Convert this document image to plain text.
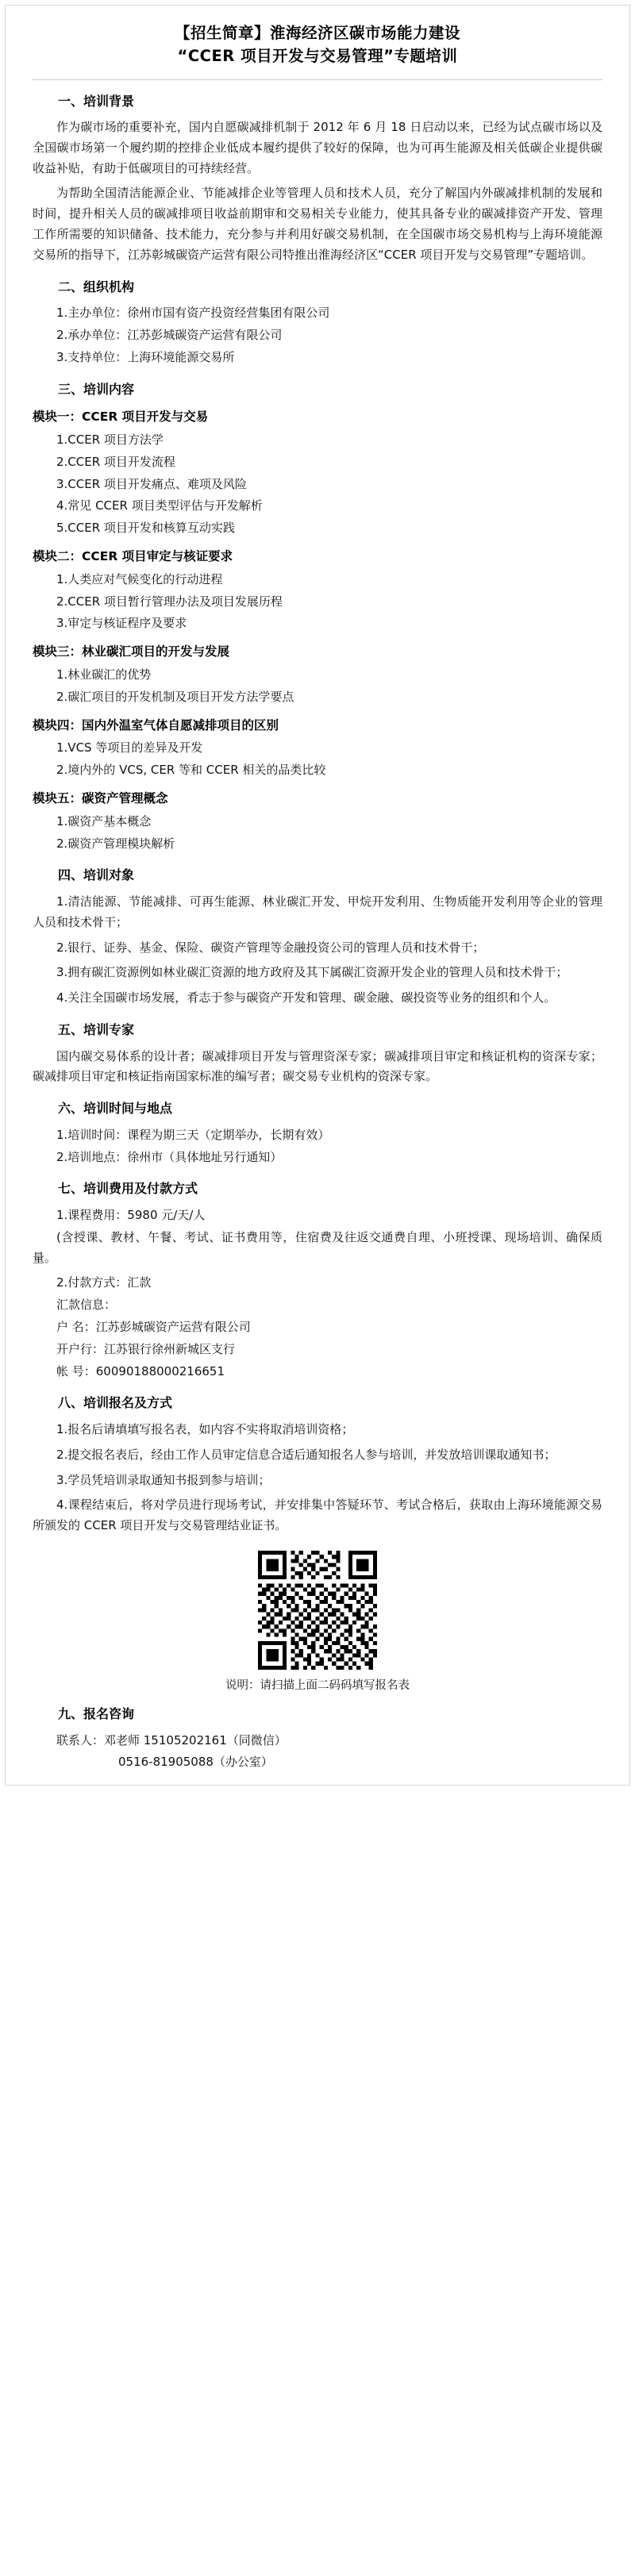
【招生简章】淮海经济区碳市场能力建设
“CCER 项目开发与交易管理”专题培训
一、培训背景

作为碳市场的重要补充，国内自愿碳减排机制于 2012 年 6 月 18 日启动以来，已经为试点碳市场以及全国碳市场第一个履约期的控排企业低成本履约提供了较好的保障，也为可再生能源及相关低碳企业提供碳收益补贴，有助于低碳项目的可持续经营。

为帮助全国清洁能源企业、节能减排企业等管理人员和技术人员，充分了解国内外碳减排机制的发展和时间，提升相关人员的碳减排项目收益前期审和交易相关专业能力，使其具备专业的碳减排资产开发、管理工作所需要的知识储备、技术能力，充分参与并利用好碳交易机制，在全国碳市场交易机构与上海环境能源交易所的指导下，江苏彰城碳资产运营有限公司特推出淮海经济区“CCER 项目开发与交易管理”专题培训。

二、组织机构

1.主办单位：徐州市国有资产投资经营集团有限公司

2.承办单位：江苏彭城碳资产运营有限公司

3.支持单位：上海环境能源交易所

三、培训内容
模块一：CCER 项目开发与交易

1.CCER 项目方法学

2.CCER 项目开发流程

3.CCER 项目开发痛点、难项及风险

4.常见 CCER 项目类型评估与开发解析

5.CCER 项目开发和核算互动实践

模块二：CCER 项目审定与核证要求

1.人类应对气候变化的行动进程

2.CCER 项目暂行管理办法及项目发展历程

3.审定与核证程序及要求

模块三：林业碳汇项目的开发与发展

1.林业碳汇的优势

2.碳汇项目的开发机制及项目开发方法学要点

模块四：国内外温室气体自愿减排项目的区别

1.VCS 等项目的差异及开发

2.境内外的 VCS, CER 等和 CCER 相关的品类比较

模块五：碳资产管理概念

1.碳资产基本概念

2.碳资产管理模块解析

四、培训对象

1.清洁能源、节能减排、可再生能源、林业碳汇开发、甲烷开发利用、生物质能开发利用等企业的管理人员和技术骨干；

2.银行、证券、基金、保险、碳资产管理等金融投资公司的管理人员和技术骨干；

3.拥有碳汇资源例如林业碳汇资源的地方政府及其下属碳汇资源开发企业的管理人员和技术骨干；

4.关注全国碳市场发展，肴志于参与碳资产开发和管理、碳金融、碳投资等业务的组织和个人。

五、培训专家

国内碳交易体系的设计者；碳减排项目开发与管理资深专家；碳减排项目审定和核证机构的资深专家；碳减排项目审定和核证指南国家标准的编写者；碳交易专业机构的资深专家。

六、培训时间与地点

1.培训时间：课程为期三天（定期举办，长期有效）

2.培训地点：徐州市（具体地址另行通知）

七、培训费用及付款方式

1.课程费用：5980 元/天/人

(含授课、教材、午餐、考试、证书费用等，住宿费及往返交通费自理、小班授课、现场培训、确保质量。

2.付款方式：汇款

汇款信息：

户 名：江苏彭城碳资产运营有限公司

开户行：江苏银行徐州新城区支行

帐 号：60090188000216651

八、培训报名及方式

1.报名后请填填写报名表，如内容不实将取消培训资格；

2.提交报名表后，经由工作人员审定信息合适后通知报名人参与培训，并发放培训课取通知书；

3.学员凭培训录取通知书报到参与培训；

4.课程结束后，将对学员进行现场考试，并安排集中答疑环节、考试合格后，获取由上海环境能源交易所颁发的 CCER 项目开发与交易管理结业证书。

说明：请扫描上面二码码填写报名表
九、报名咨询

联系人：邓老师 15105202161（同微信）

0516-81905088（办公室）
